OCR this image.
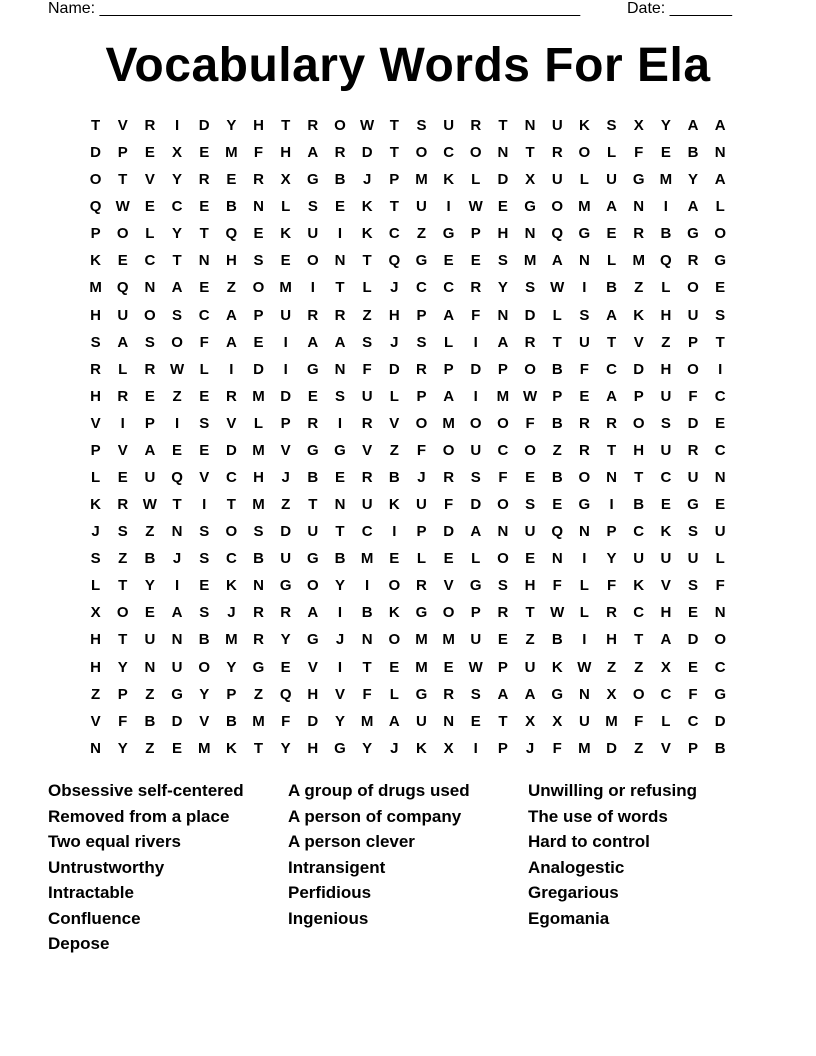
Name: ______________________________________________________	Date: _______
Vocabulary Words For Ela
T	V	R	I	D	Y	H	T	R	O W	T	S	U	R	T	N	U	K	S	X	Y	A	A
D	P	E	X	E	M	F	H	A	R	D	T	O	C	O	N	T	R	O	L	F	E	B	N
O	T	V	Y	R	E	R	X	G	B	J	P	M	K	L	D	X	U	L	U	G	M	Y	A
Q W	E	C	E	B	N	L	S	E	K	T	U	I	W	E	G	O	M	A	N	I	A	L
P	O	L	Y	T	Q	E	K	U	I	K	C	Z	G	P	H	N	Q	G	E	R	B	G	O
K	E	C	T	N	H	S	E	O	N	T	Q	G	E	E	S	M	A	N	L	M	Q	R	G
M	Q	N	A	E	Z	O	M	I	T	L	J	C	C	R	Y	S	W	I	B	Z	L	O	E
H	U	O	S	C	A	P	U	R	R	Z	H	P	A	F	N	D	L	S	A	K	H	U	S
S	A	S	O	F	A	E	I	A	A	S	J	S	L	I	A	R	T	U	T	V	Z	P	T
R	L	R W	L	I	D	I	G	N	F	D	R	P	D	P	O	B	F	C	D	H	O	I
H	R	E	Z	E	R	M	D	E	S	U	L	P	A	I	M W	P	E	A	P	U	F	C
V	I	P	I	S	V	L	P	R	I	R	V	O	M	O	O	F	B	R	R	O	S	D	E
P	V	A	E	E	D	M	V	G	G	V	Z	F	O	U	C	O	Z	R	T	H	U	R	C
L	E	U	Q	V	C	H	J	B	E	R	B	J	R	S	F	E	B	O	N	T	C	U	N
K	R W	T	I	T	M	Z	T	N	U	K	U	F	D	O	S	E	G	I	B	E	G	E
J	S	Z	N	S	O	S	D	U	T	C	I	P	D	A	N	U	Q	N	P	C	K	S	U
S	Z	B	J	S	C	B	U	G	B	M	E	L	E	L	O	E	N	I	Y	U	U	U	L
L	T	Y	I	E	K	N	G	O	Y	I	O	R	V	G	S	H	F	L	F	K	V	S	F
X	O	E	A	S	J	R	R	A	I	B	K	G	O	P	R	T	W	L	R	C	H	E	N
H	T	U	N	B	M	R	Y	G	J	N	O	M M	U	E	Z	B	I	H	T	A	D	O
H	Y	N	U	O	Y	G	E	V	I	T	E	M	E	W	P	U	K W	Z	Z	X	E	C
Z	P	Z	G	Y	P	Z	Q	H	V	F	L	G	R	S	A	A	G	N	X	O	C	F	G
V	F	B	D	V	B	M	F	D	Y	M	A	U	N	E	T	X	X	U	M	F	L	C	D
N	Y	Z	E	M	K	T	Y	H	G	Y	J	K	X	I	P	J	F	M	D	Z	V	P	B
Obsessive self-centered
Removed from a place
Two equal rivers
Untrustworthy
Intractable
Confluence
Depose
A group of drugs used
A person of company
A person clever
Intransigent
Perfidious
Ingenious
Unwilling or refusing
The use of words
Hard to control
Analogestic
Gregarious
Egomania
